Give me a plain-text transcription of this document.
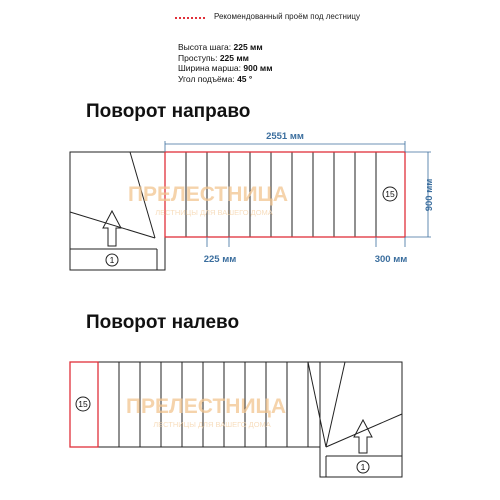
Рекомендованный проём под лестницу
Высота шага: 225 мм
Проступь: 225 мм
Ширина марша: 900 мм
Угол подъёма: 45 °
Поворот направо
Поворот налево
1
15
2551 мм
900 мм
225 мм	300 мм
1
15
ПРЕЛЕСТНИЦА
ЛЕСТНИЦЫ ДЛЯ ВАШЕГО ДОМА
ПРЕЛЕСТНИЦА
ЛЕСТНИЦЫ ДЛЯ ВАШЕГО ДОМА
